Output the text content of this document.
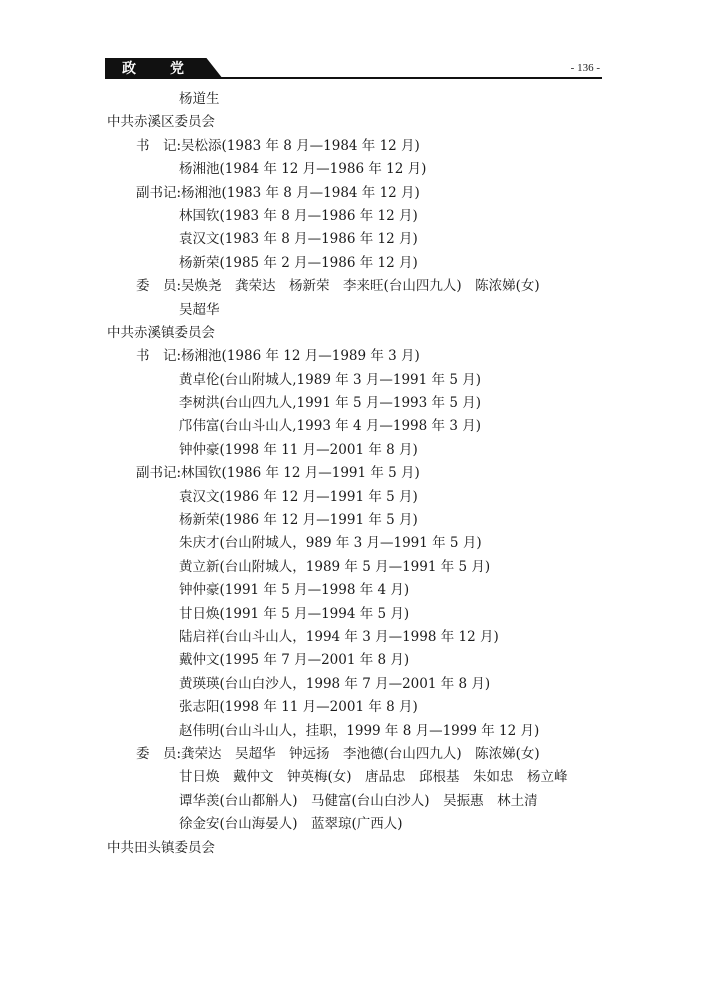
政　党	- 136 -
杨道生
中共赤溪区委员会
书　记:吴松添(1983 年 8 月—1984 年 12 月)
杨湘池(1984 年 12 月—1986 年 12 月)
副书记:杨湘池(1983 年 8 月—1984 年 12 月)
林国钦(1983 年 8 月—1986 年 12 月)
袁汉文(1983 年 8 月—1986 年 12 月)
杨新荣(1985 年 2 月—1986 年 12 月)
委　员:吴焕尧　龚荣达　杨新荣　李来旺(台山四九人)　陈浓娣(女)
吴超华
中共赤溪镇委员会
书　记:杨湘池(1986 年 12 月—1989 年 3 月)
黄卓伦(台山附城人,1989 年 3 月—1991 年 5 月)
李树洪(台山四九人,1991 年 5 月—1993 年 5 月)
邝伟富(台山斗山人,1993 年 4 月—1998 年 3 月)
钟仲豪(1998 年 11 月—2001 年 8 月)
副书记:林国钦(1986 年 12 月—1991 年 5 月)
袁汉文(1986 年 12 月—1991 年 5 月)
杨新荣(1986 年 12 月—1991 年 5 月)
朱庆才(台山附城人，989 年 3 月—1991 年 5 月)
黄立新(台山附城人，1989 年 5 月—1991 年 5 月)
钟仲豪(1991 年 5 月—1998 年 4 月)
甘日焕(1991 年 5 月—1994 年 5 月)
陆启祥(台山斗山人，1994 年 3 月—1998 年 12 月)
戴仲文(1995 年 7 月—2001 年 8 月)
黄瑛瑛(台山白沙人，1998 年 7 月—2001 年 8 月)
张志阳(1998 年 11 月—2001 年 8 月)
赵伟明(台山斗山人，挂职，1999 年 8 月—1999 年 12 月)
委　员:龚荣达　吴超华　钟远扬　李池德(台山四九人)　陈浓娣(女)
甘日焕　戴仲文　钟英梅(女)　唐品忠　邱根基　朱如忠　杨立峰
谭华羡(台山都斛人)　马健富(台山白沙人)　吴振惠　林土清
徐金安(台山海晏人)　蓝翠琼(广西人)
中共田头镇委员会
